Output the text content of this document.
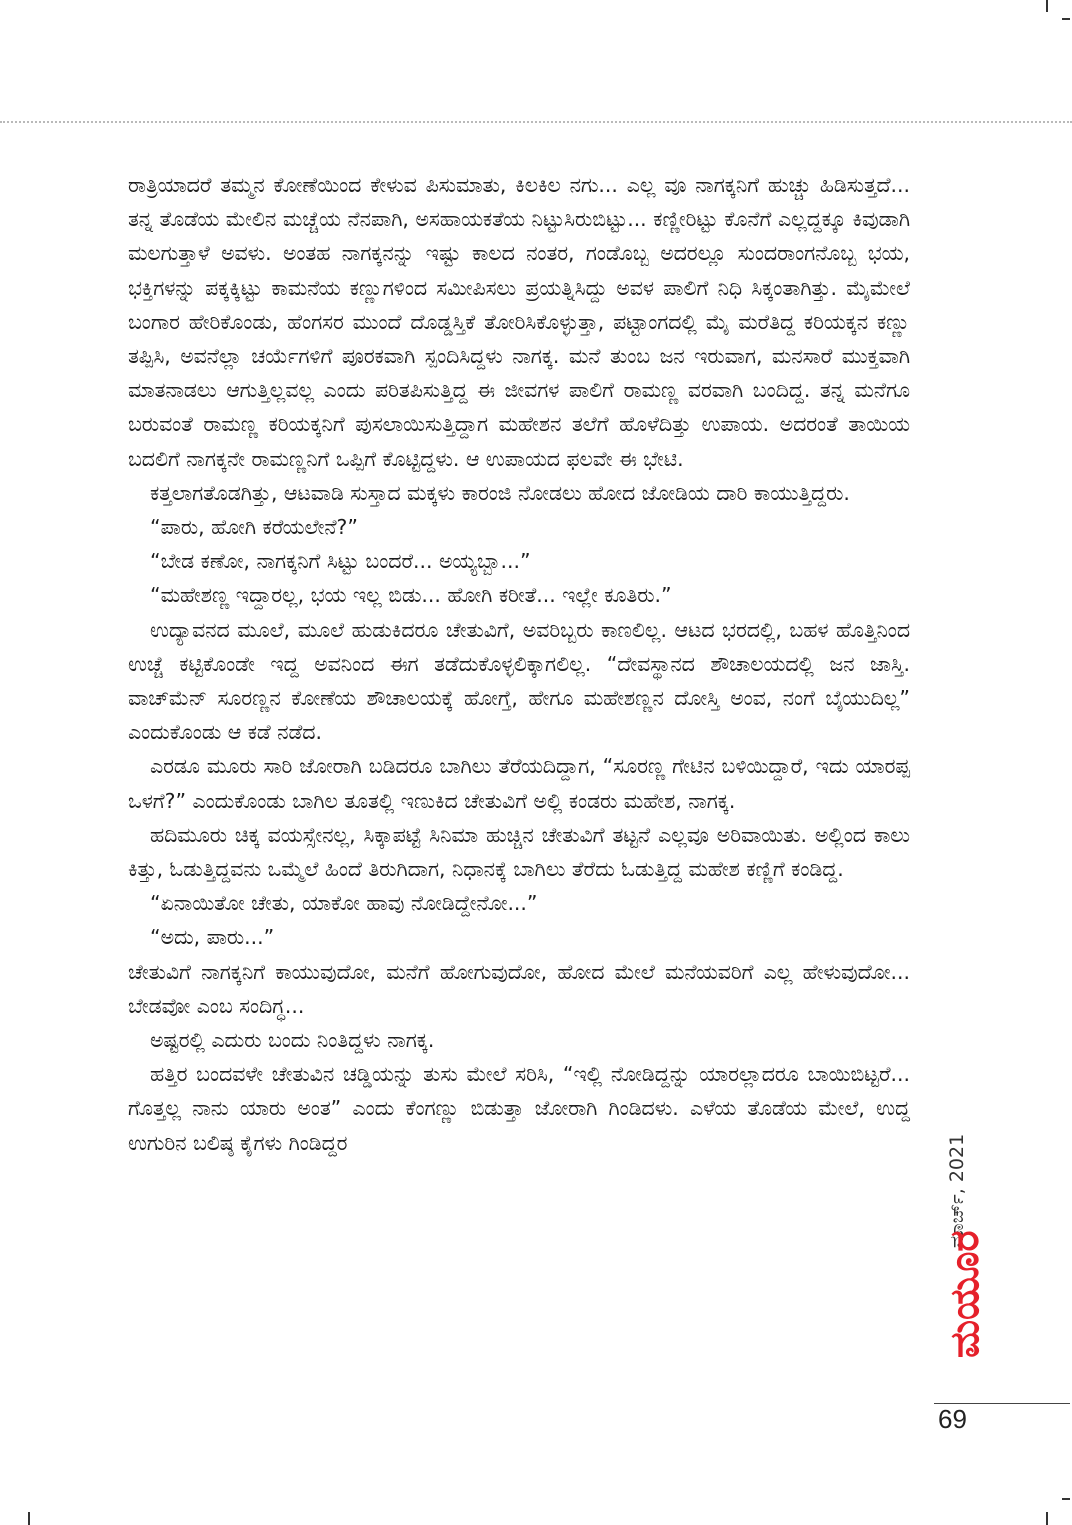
ರಾತ್ರಿಯಾದರೆ ತಮ್ಮನ ಕೋಣೆಯಿಂದ ಕೇಳುವ ಪಿಸುಮಾತು, ಕಿಲಕಿಲ ನಗು... ಎಲ್ಲ ವೂ ನಾಗಕ್ಕನಿಗೆ ಹುಚ್ಚು ಹಿಡಿಸುತ್ತದೆ... ತನ್ನ ತೊಡೆಯ ಮೇಲಿನ ಮಚ್ಚೆಯ ನೆನಪಾಗಿ, ಅಸಹಾಯಕತೆಯ ನಿಟ್ಟುಸಿರುಬಿಟ್ಟು... ಕಣ್ಣೀರಿಟ್ಟು ಕೊನೆಗೆ ಎಲ್ಲದ್ದಕ್ಕೂ ಕಿವುಡಾಗಿ ಮಲಗುತ್ತಾಳೆ ಅವಳು. ಅಂತಹ ನಾಗಕ್ಕನನ್ನು ಇಷ್ಟು ಕಾಲದ ನಂತರ, ಗಂಡೊಬ್ಬ ಅದರಲ್ಲೂ ಸುಂದರಾಂಗನೊಬ್ಬ ಭಯ, ಭಕ್ತಿಗಳನ್ನು ಪಕ್ಕಕ್ಕಿಟ್ಟು ಕಾಮನೆಯ ಕಣ್ಣುಗಳಿಂದ ಸಮೀಪಿಸಲು ಪ್ರಯತ್ನಿಸಿದ್ದು ಅವಳ ಪಾಲಿಗೆ ನಿಧಿ ಸಿಕ್ಕಂತಾಗಿತ್ತು. ಮೈಮೇಲೆ ಬಂಗಾರ ಹೇರಿಕೊಂಡು, ಹೆಂಗಸರ ಮುಂದೆ ದೊಡ್ಡಸ್ತಿಕೆ ತೋರಿಸಿಕೊಳ್ಳುತ್ತಾ, ಪಟ್ಟಾಂಗದಲ್ಲಿ ಮೈ ಮರೆತಿದ್ದ ಕರಿಯಕ್ಕನ ಕಣ್ಣು ತಪ್ಪಿಸಿ, ಅವನೆಲ್ಲಾ ಚರ್ಯೆಗಳಿಗೆ ಪೂರಕವಾಗಿ ಸ್ಪಂದಿಸಿದ್ದಳು ನಾಗಕ್ಕ. ಮನೆ ತುಂಬ ಜನ ಇರುವಾಗ, ಮನಸಾರೆ ಮುಕ್ತವಾಗಿ ಮಾತನಾಡಲು ಆಗುತ್ತಿಲ್ಲವಲ್ಲ ಎಂದು ಪರಿತಪಿಸುತ್ತಿದ್ದ ಈ ಜೀವಗಳ ಪಾಲಿಗೆ ರಾಮಣ್ಣ ವರವಾಗಿ ಬಂದಿದ್ದ. ತನ್ನ ಮನೆಗೂ ಬರುವಂತೆ ರಾಮಣ್ಣ ಕರಿಯಕ್ಕನಿಗೆ ಪುಸಲಾಯಿಸುತ್ತಿದ್ದಾಗ ಮಹೇಶನ ತಲೆಗೆ ಹೊಳೆದಿತ್ತು ಉಪಾಯ. ಅದರಂತೆ ತಾಯಿಯ ಬದಲಿಗೆ ನಾಗಕ್ಕನೇ ರಾಮಣ್ಣನಿಗೆ ಒಪ್ಪಿಗೆ ಕೊಟ್ಟಿದ್ದಳು. ಆ ಉಪಾಯದ ಫಲವೇ ಈ ಭೇಟಿ.

ಕತ್ತಲಾಗತೊಡಗಿತ್ತು, ಆಟವಾಡಿ ಸುಸ್ತಾದ ಮಕ್ಕಳು ಕಾರಂಜಿ ನೋಡಲು ಹೋದ ಜೋಡಿಯ ದಾರಿ ಕಾಯುತ್ತಿದ್ದರು.

“ಪಾರು, ಹೋಗಿ ಕರೆಯಲೇನೆ?”

“ಬೇಡ ಕಣೋ, ನಾಗಕ್ಕನಿಗೆ ಸಿಟ್ಟು ಬಂದರೆ... ಅಯ್ಯಬ್ಬಾ...”

“ಮಹೇಶಣ್ಣ ಇದ್ದಾರಲ್ಲ, ಭಯ ಇಲ್ಲ ಬಿಡು... ಹೋಗಿ ಕರೀತೆ... ಇಲ್ಲೇ ಕೂತಿರು.”

ಉದ್ಯಾವನದ ಮೂಲೆ, ಮೂಲೆ ಹುಡುಕಿದರೂ ಚೇತುವಿಗೆ, ಅವರಿಬ್ಬರು ಕಾಣಲಿಲ್ಲ. ಆಟದ ಭರದಲ್ಲಿ, ಬಹಳ ಹೊತ್ತಿನಿಂದ ಉಚ್ಚೆ ಕಟ್ಟಿಕೊಂಡೇ ಇದ್ದ ಅವನಿಂದ ಈಗ ತಡೆದುಕೊಳ್ಳಲಿಕ್ಕಾಗಲಿಲ್ಲ. “ದೇವಸ್ಥಾನದ ಶೌಚಾಲಯದಲ್ಲಿ ಜನ ಜಾಸ್ತಿ. ವಾಚ್‌ಮೆನ್ ಸೂರಣ್ಣನ ಕೋಣೆಯ ಶೌಚಾಲಯಕ್ಕೆ ಹೋಗ್ತೆ, ಹೇಗೂ ಮಹೇಶಣ್ಣನ ದೋಸ್ತಿ ಅಂವ, ನಂಗೆ ಬೈಯುದಿಲ್ಲ” ಎಂದುಕೊಂಡು ಆ ಕಡೆ ನಡೆದ.

ಎರಡೂ ಮೂರು ಸಾರಿ ಜೋರಾಗಿ ಬಡಿದರೂ ಬಾಗಿಲು ತೆರೆಯದಿದ್ದಾಗ, “ಸೂರಣ್ಣ ಗೇಟಿನ ಬಳಿಯಿದ್ದಾರೆ, ಇದು ಯಾರಪ್ಪ ಒಳಗೆ?” ಎಂದುಕೊಂಡು ಬಾಗಿಲ ತೂತಲ್ಲಿ ಇಣುಕಿದ ಚೇತುವಿಗೆ ಅಲ್ಲಿ ಕಂಡರು ಮಹೇಶ, ನಾಗಕ್ಕ.

ಹದಿಮೂರು ಚಿಕ್ಕ ವಯಸ್ಸೇನಲ್ಲ, ಸಿಕ್ಕಾಪಟ್ಟೆ ಸಿನಿಮಾ ಹುಚ್ಚಿನ ಚೇತುವಿಗೆ ತಟ್ಟನೆ ಎಲ್ಲವೂ ಅರಿವಾಯಿತು. ಅಲ್ಲಿಂದ ಕಾಲು ಕಿತ್ತು, ಓಡುತ್ತಿದ್ದವನು ಒಮ್ಮೆಲೆ ಹಿಂದೆ ತಿರುಗಿದಾಗ, ನಿಧಾನಕ್ಕೆ ಬಾಗಿಲು ತೆರೆದು ಓಡುತ್ತಿದ್ದ ಮಹೇಶ ಕಣ್ಣಿಗೆ ಕಂಡಿದ್ದ.

“ಏನಾಯಿತೋ ಚೇತು, ಯಾಕೋ ಹಾವು ನೋಡಿದ್ದೇನೋ...”

“ಅದು, ಪಾರು...”

ಚೇತುವಿಗೆ ನಾಗಕ್ಕನಿಗೆ ಕಾಯುವುದೋ, ಮನೆಗೆ ಹೋಗುವುದೋ, ಹೋದ ಮೇಲೆ ಮನೆಯವರಿಗೆ ಎಲ್ಲ ಹೇಳುವುದೋ... ಬೇಡವೋ ಎಂಬ ಸಂದಿಗ್ಧ...

ಅಷ್ಟರಲ್ಲಿ ಎದುರು ಬಂದು ನಿಂತಿದ್ದಳು ನಾಗಕ್ಕ.

ಹತ್ತಿರ ಬಂದವಳೇ ಚೇತುವಿನ ಚಡ್ಡಿಯನ್ನು ತುಸು ಮೇಲೆ ಸರಿಸಿ, “ಇಲ್ಲಿ ನೋಡಿದ್ದನ್ನು ಯಾರಲ್ಲಾದರೂ ಬಾಯಿಬಿಟ್ಟರೆ... ಗೊತ್ತಲ್ಲ ನಾನು ಯಾರು ಅಂತ” ಎಂದು ಕೆಂಗಣ್ಣು ಬಿಡುತ್ತಾ ಜೋರಾಗಿ ಗಿಂಡಿದಳು. ಎಳೆಯ ತೊಡೆಯ ಮೇಲೆ, ಉದ್ದ ಉಗುರಿನ ಬಲಿಷ್ಠ ಕೈಗಳು ಗಿಂಡಿದ್ದರ	ಮಾರ್ಚ್, 2021
ಮಯೂರ
69
